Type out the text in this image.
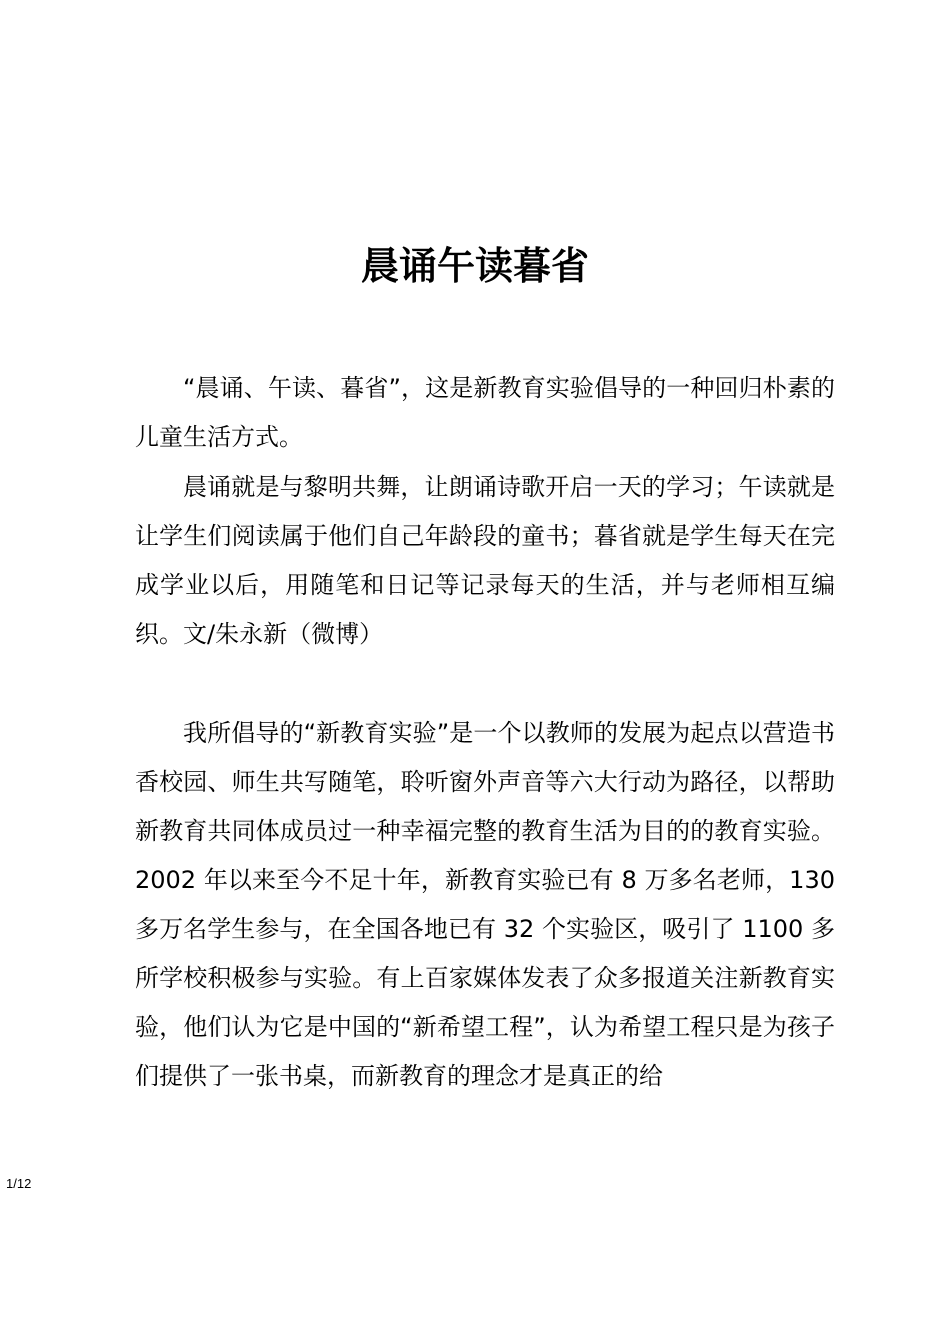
晨诵午读暮省

“晨诵、午读、暮省”，这是新教育实验倡导的一种回归朴素的儿童生活方式。

晨诵就是与黎明共舞，让朗诵诗歌开启一天的学习；午读就是让学生们阅读属于他们自己年龄段的童书；暮省就是学生每天在完成学业以后，用随笔和日记等记录每天的生活，并与老师相互编织。文/朱永新（微博）

我所倡导的“新教育实验”是一个以教师的发展为起点以营造书香校园、师生共写随笔，聆听窗外声音等六大行动为路径，以帮助新教育共同体成员过一种幸福完整的教育生活为目的的教育实验。2002 年以来至今不足十年，新教育实验已有 8 万多名老师，130 多万名学生参与，在全国各地已有 32 个实验区，吸引了 1100 多所学校积极参与实验。有上百家媒体发表了众多报道关注新教育实验，他们认为它是中国的“新希望工程”，认为希望工程只是为孩子们提供了一张书桌，而新教育的理念才是真正的给

1/12
